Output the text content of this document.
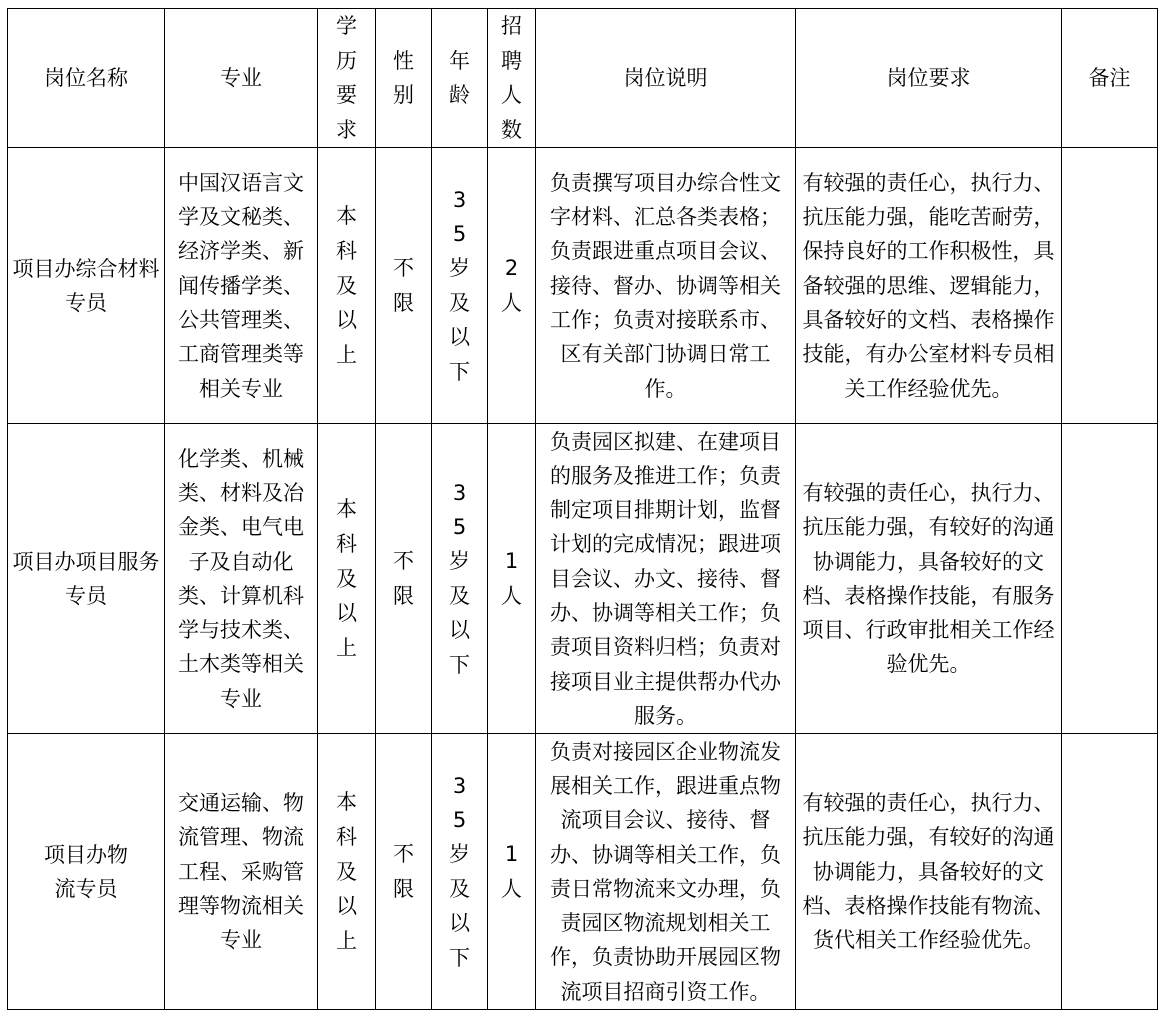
岗位名称	专业	学历要求	性别	年龄	招聘人数	岗位说明	岗位要求	备注
项目办综合材料专员	中国汉语言文学及文秘类、经济学类、新闻传播学类、公共管理类、工商管理类等相关专业	本科及以上	不限	35岁及以下	2人	负责撰写项目办综合性文字材料、汇总各类表格；负责跟进重点项目会议、接待、督办、协调等相关工作；负责对接联系市、区有关部门协调日常工作。	有较强的责任心，执行力、抗压能力强，能吃苦耐劳，保持良好的工作积极性，具备较强的思维、逻辑能力，具备较好的文档、表格操作技能，有办公室材料专员相关工作经验优先。	
项目办项目服务专员	化学类、机械类、材料及冶金类、电气电子及自动化类、计算机科学与技术类、土木类等相关专业	本科及以上	不限	35岁及以下	1人	负责园区拟建、在建项目的服务及推进工作；负责制定项目排期计划，监督计划的完成情况；跟进项目会议、办文、接待、督办、协调等相关工作；负责项目资料归档；负责对接项目业主提供帮办代办服务。	有较强的责任心，执行力、抗压能力强，有较好的沟通协调能力，具备较好的文档、表格操作技能，有服务项目、行政审批相关工作经验优先。	
项目办物流专员	交通运输、物流管理、物流工程、采购管理等物流相关专业	本科及以上	不限	35岁及以下	1人	负责对接园区企业物流发展相关工作，跟进重点物流项目会议、接待、督办、协调等相关工作，负责日常物流来文办理，负责园区物流规划相关工作，负责协助开展园区物流项目招商引资工作。	有较强的责任心，执行力、抗压能力强，有较好的沟通协调能力，具备较好的文档、表格操作技能有物流、货代相关工作经验优先。	
